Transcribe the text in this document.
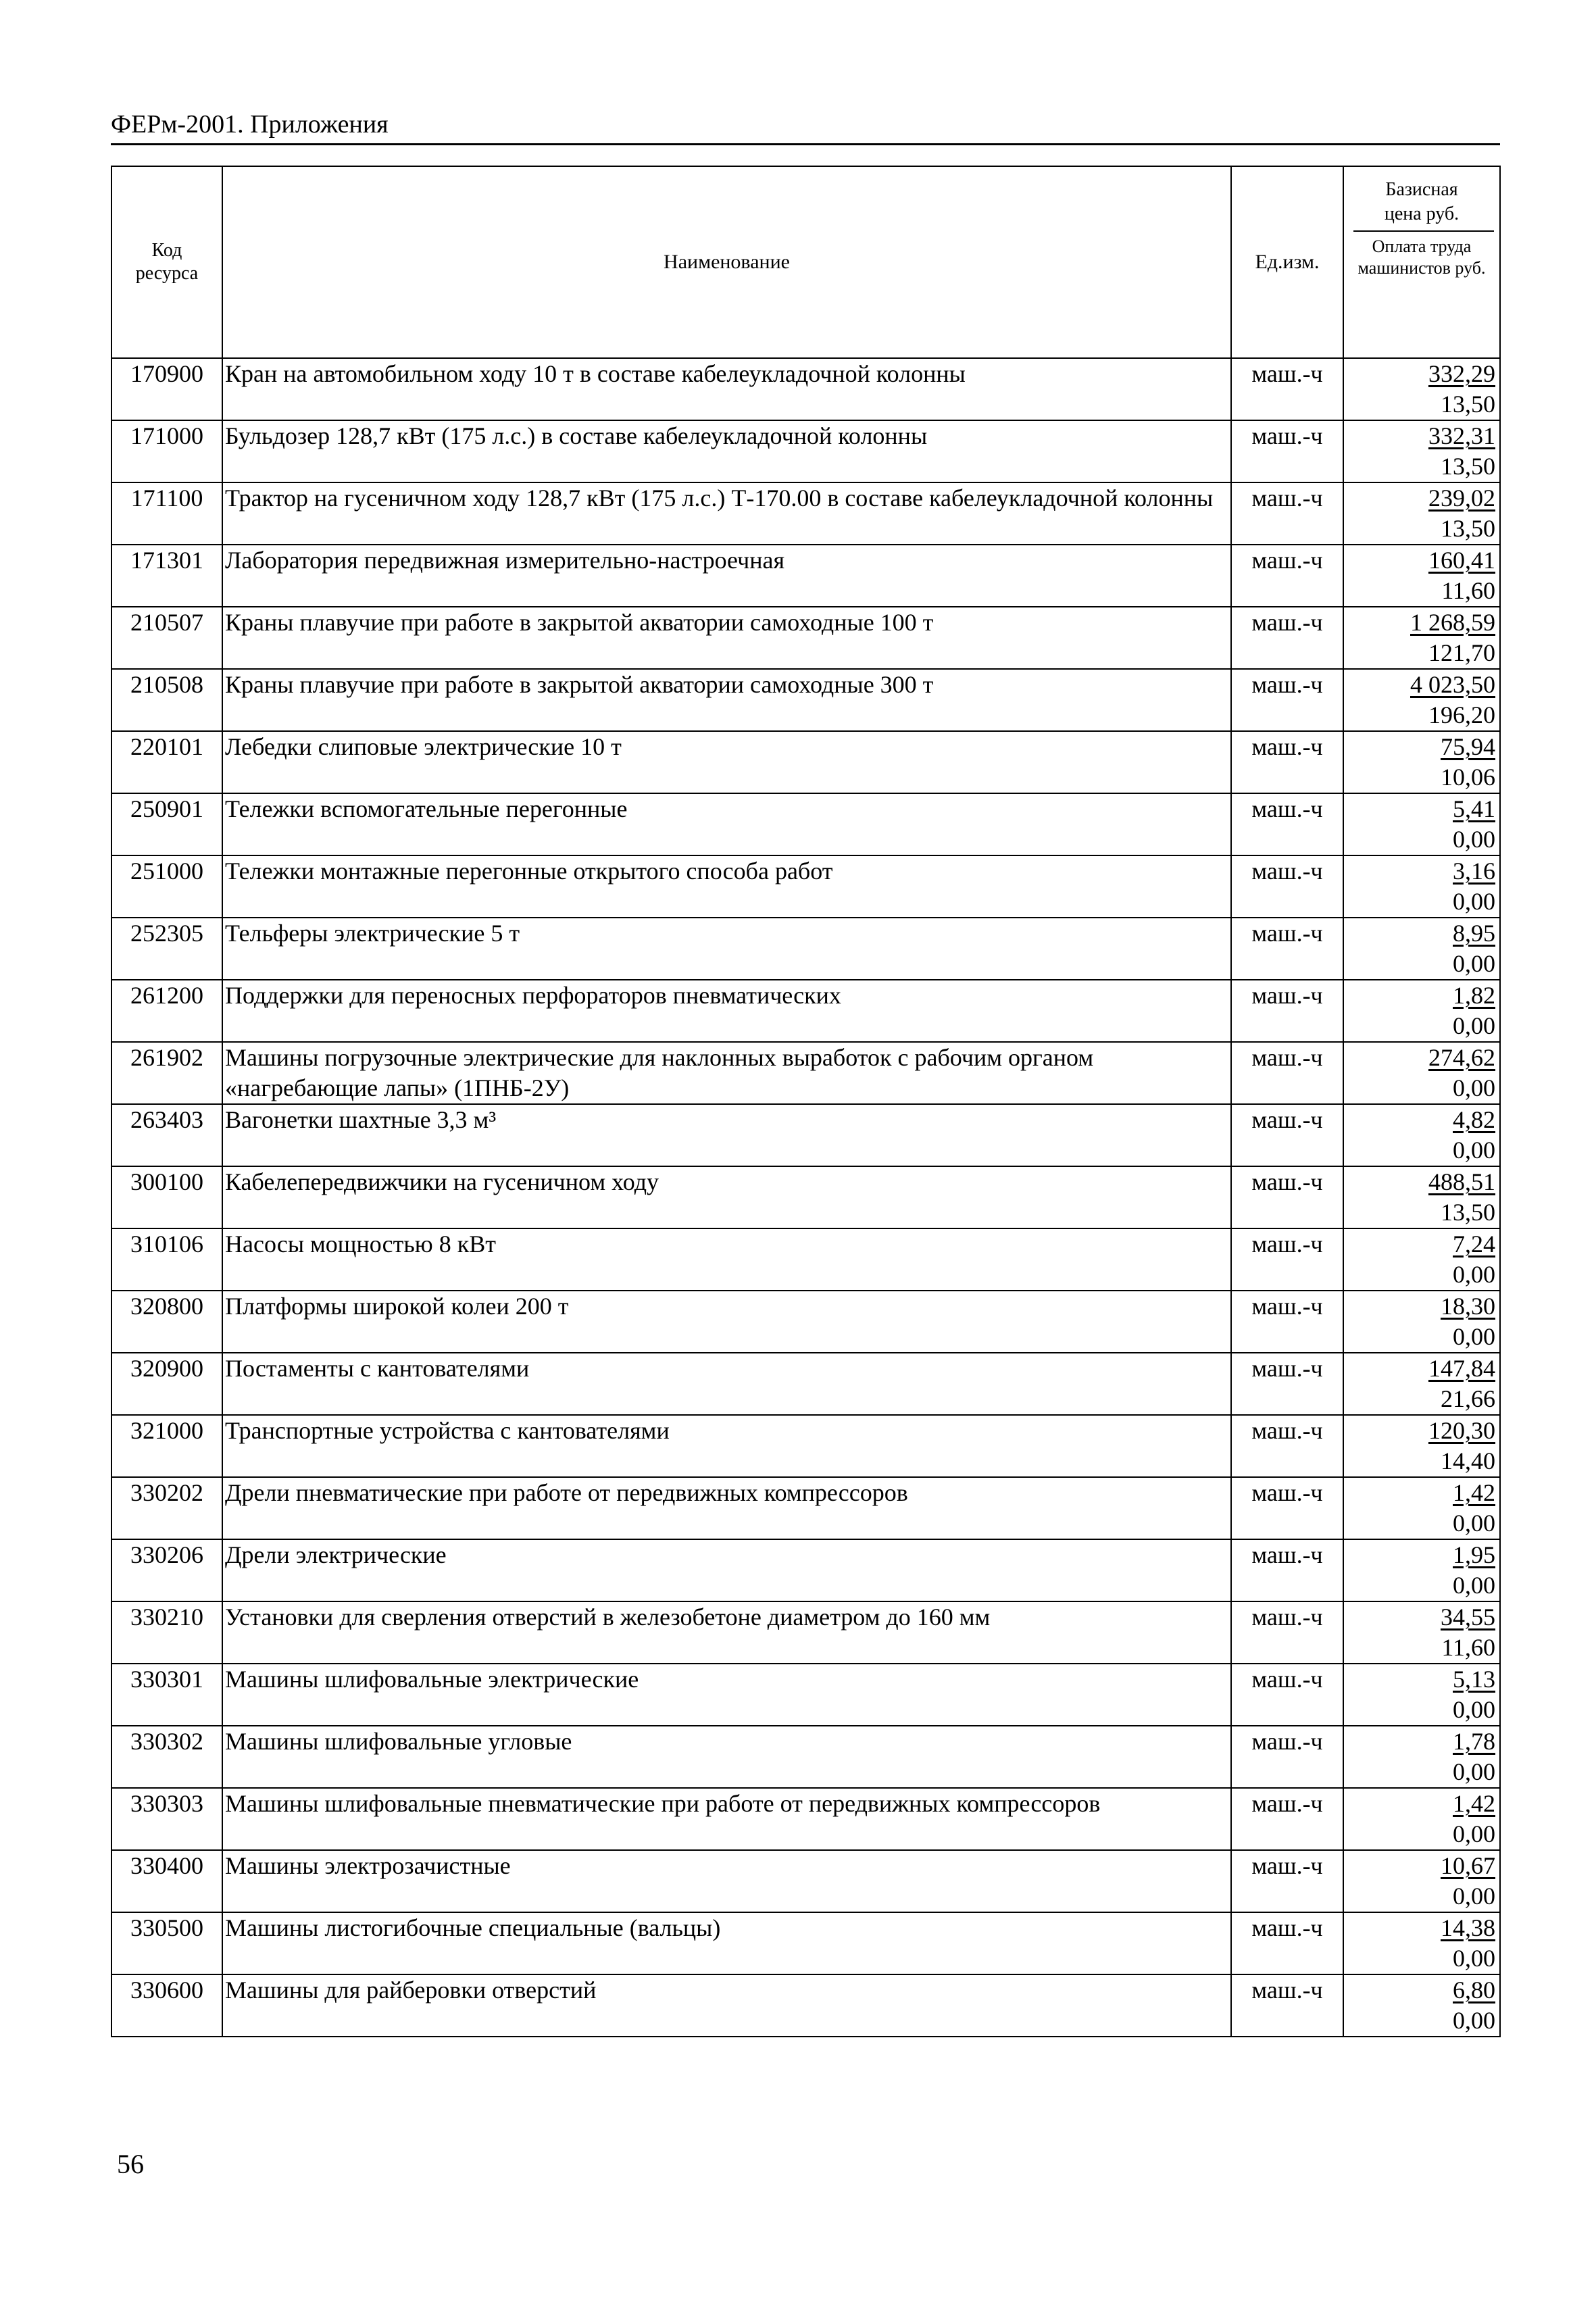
ФЕРм-2001. Приложения
Код ресурса	Наименование	Ед.изм.	Базисная цена руб.
Оплата труда машинистов руб.

170900	Кран на автомобильном ходу 10 т в составе кабелеукладочной колонны	маш.-ч	332,29
13,50

171000	Бульдозер 128,7 кВт (175 л.с.) в составе кабелеукладочной колонны	маш.-ч	332,31
13,50

171100	Трактор на гусеничном ходу 128,7 кВт (175 л.с.) Т-170.00 в составе кабелеукладочной колонны	маш.-ч	239,02
13,50

171301	Лаборатория передвижная измерительно-настроечная	маш.-ч	160,41
11,60

210507	Краны плавучие при работе в закрытой акватории самоходные 100 т	маш.-ч	1 268,59
121,70

210508	Краны плавучие при работе в закрытой акватории самоходные 300 т	маш.-ч	4 023,50
196,20

220101	Лебедки слиповые электрические 10 т	маш.-ч	75,94
10,06

250901	Тележки вспомогательные перегонные	маш.-ч	5,41
0,00

251000	Тележки монтажные перегонные открытого способа работ	маш.-ч	3,16
0,00

252305	Тельферы электрические 5 т	маш.-ч	8,95
0,00

261200	Поддержки для переносных перфораторов пневматических	маш.-ч	1,82
0,00

261902	Машины погрузочные электрические для наклонных выработок с рабочим органом «нагребающие лапы» (1ПНБ-2У)	маш.-ч	274,62
0,00

263403	Вагонетки шахтные 3,3 м³	маш.-ч	4,82
0,00

300100	Кабелепередвижчики на гусеничном ходу	маш.-ч	488,51
13,50

310106	Насосы мощностью 8 кВт	маш.-ч	7,24
0,00

320800	Платформы широкой колеи 200 т	маш.-ч	18,30
0,00

320900	Постаменты с кантователями	маш.-ч	147,84
21,66

321000	Транспортные устройства с кантователями	маш.-ч	120,30
14,40

330202	Дрели пневматические при работе от передвижных компрессоров	маш.-ч	1,42
0,00

330206	Дрели электрические	маш.-ч	1,95
0,00

330210	Установки для сверления отверстий в железобетоне диаметром до 160 мм	маш.-ч	34,55
11,60

330301	Машины шлифовальные электрические	маш.-ч	5,13
0,00

330302	Машины шлифовальные угловые	маш.-ч	1,78
0,00

330303	Машины шлифовальные пневматические при работе от передвижных компрессоров	маш.-ч	1,42
0,00

330400	Машины электрозачистные	маш.-ч	10,67
0,00

330500	Машины листогибочные специальные (вальцы)	маш.-ч	14,38
0,00

330600	Машины для райберовки отверстий	маш.-ч	6,80
0,00
56
